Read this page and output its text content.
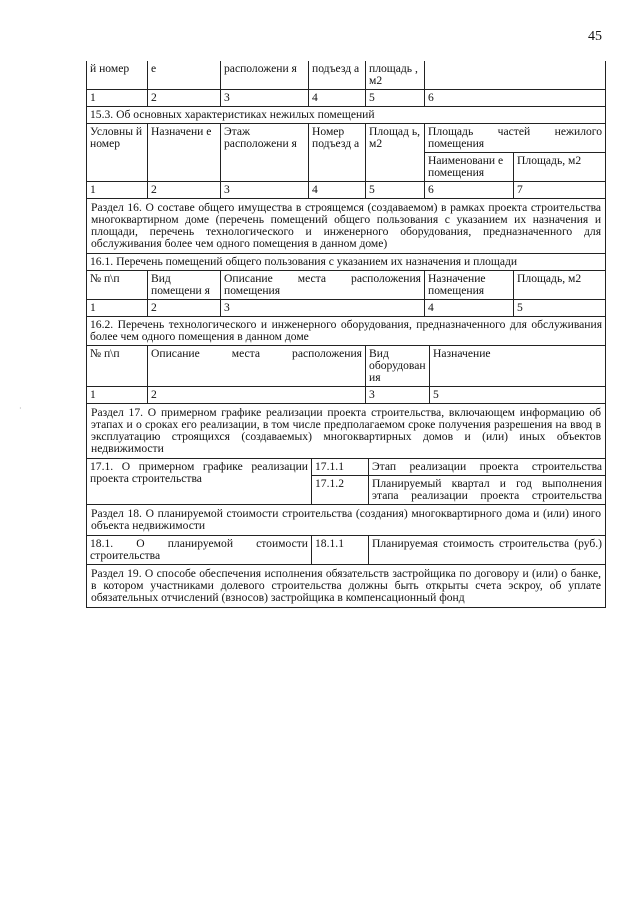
45
·
й номер	е	расположени я	подъезд а		площадь , м2				
1	2	3	4		5		6		
15.3. Об основных характеристиках нежилых помещений									
Условны й номер	Назначени е	Этаж расположени я	Номер подъезд а		Площад ь, м2		Площадь частей нежилого помещения		
							Наименовани е помещения		Площадь, м2
1	2	3	4		5		6		7
Раздел 16. О составе общего имущества в строящемся (создаваемом) в рамках проекта строительства многоквартирном доме (перечень помещений общего пользования с указанием их назначения и площади, перечень технологического и инженерного оборудования, предназначенного для обслуживания более чем одного помещения в данном доме)									
16.1. Перечень помещений общего пользования с указанием их назначения и площади									
№ п\п	Вид помещени я	Описание места расположения помещения					Назначение помещения		Площадь, м2
1	2	3					4		5
16.2. Перечень технологического и инженерного оборудования, предназначенного для обслуживания более чем одного помещения в данном доме									
№ п\п	Описание места расположения				Вид оборудования			Назначение	
1	2				3			5	
Раздел 17. О примерном графике реализации проекта строительства, включающем информацию об этапах и о сроках его реализации, в том числе предполагаемом сроке получения разрешения на ввод в эксплуатацию строящихся (создаваемых) многоквартирных домов и (или) иных объектов недвижимости									
17.1. О примерном графике реализации проекта строительства				17.1.1		Этап реализации проекта строительства			
				17.1.2		Планируемый квартал и год выполнения этапа реализации проекта строительства			
Раздел 18. О планируемой стоимости строительства (создания) многоквартирного дома и (или) иного объекта недвижимости									
18.1. О планируемой стоимости строительства				18.1.1		Планируемая стоимость строительства (руб.)			
Раздел 19. О способе обеспечения исполнения обязательств застройщика по договору и (или) о банке, в котором участниками долевого строительства должны быть открыты счета эскроу, об уплате обязательных отчислений (взносов) застройщика в компенсационный фонд									
